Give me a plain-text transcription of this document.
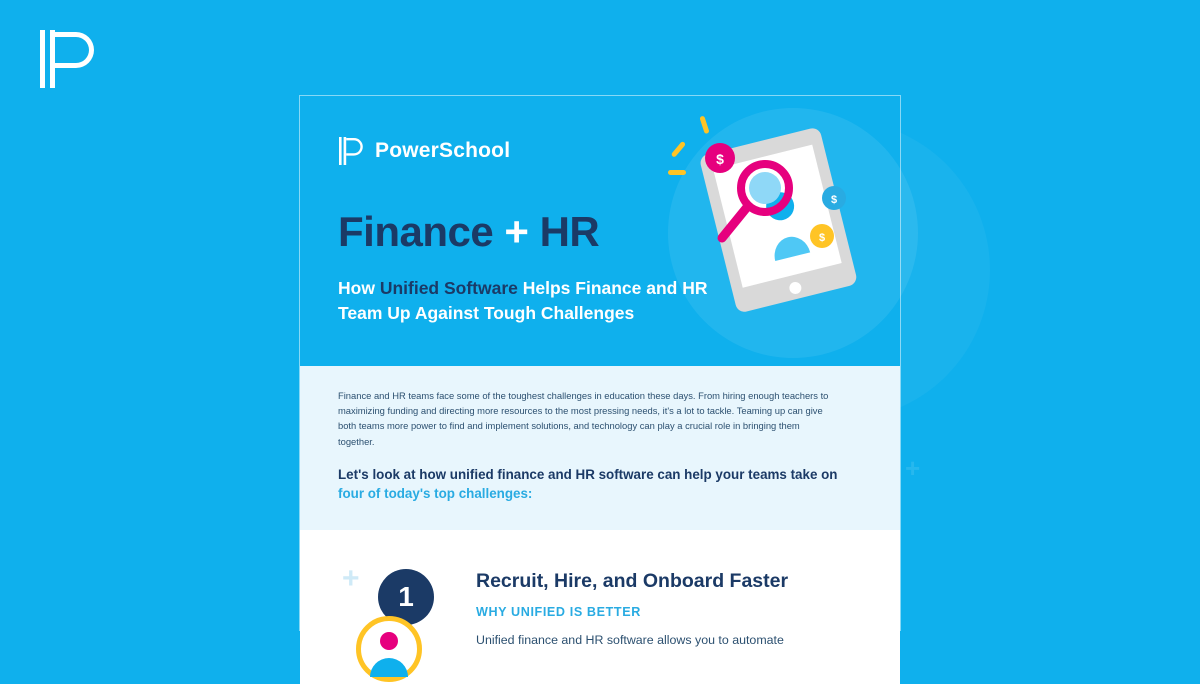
+
$
$
$
PowerSchool
Finance + HR
How Unified Software Helps Finance and HR Team Up Against Tough Challenges

Finance and HR teams face some of the toughest challenges in education these days. From hiring enough teachers to maximizing funding and directing more resources to the most pressing needs, it's a lot to tackle. Teaming up can give both teams more power to find and implement solutions, and technology can play a crucial role in bringing them together.

Let's look at how unified finance and HR software can help your teams take on four of today's top challenges:

+
1	Recruit, Hire, and Onboard Faster
WHY UNIFIED IS BETTER

Unified finance and HR software allows you to automate
